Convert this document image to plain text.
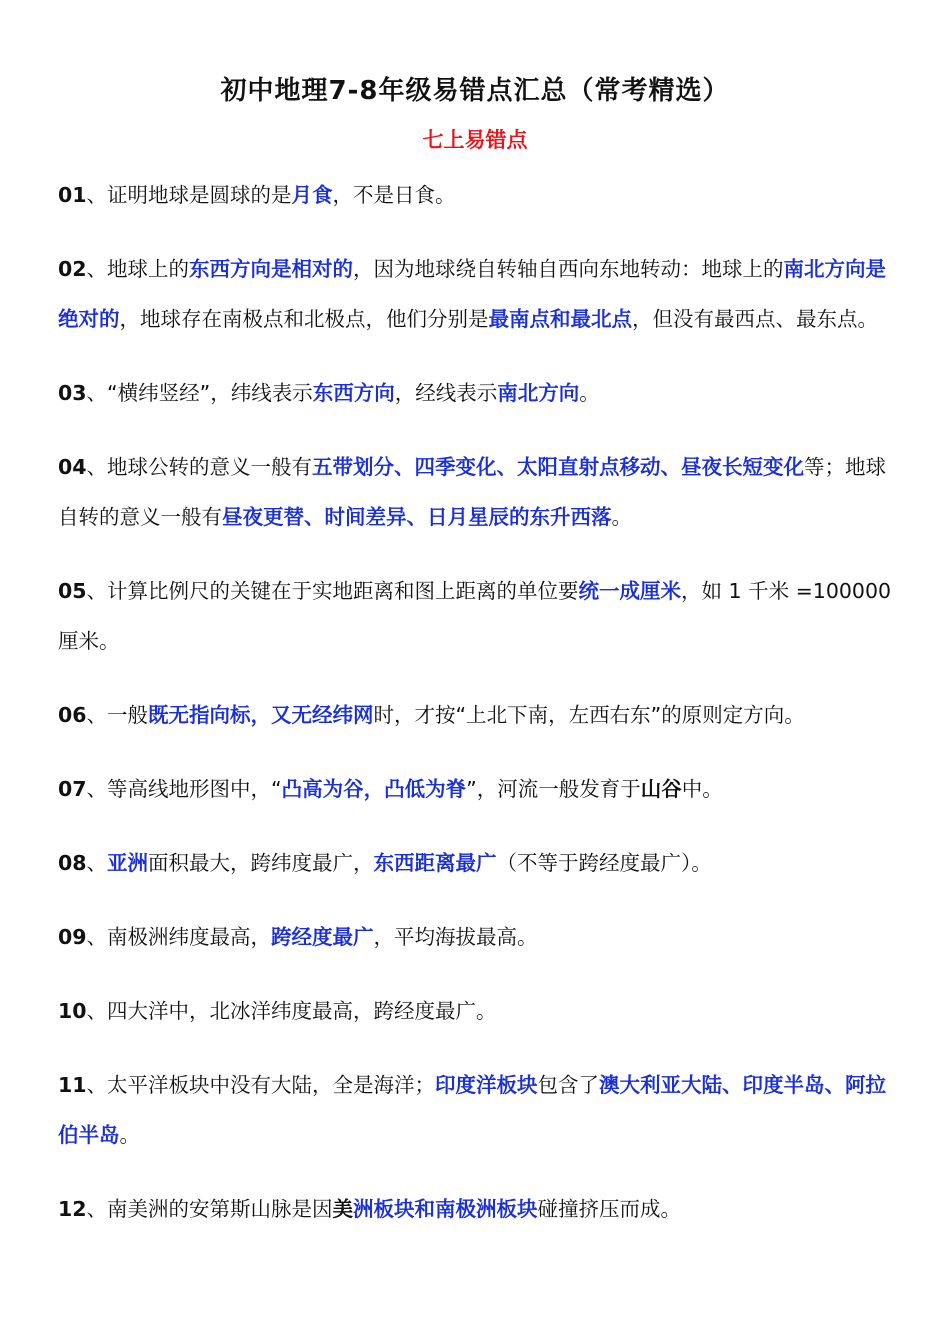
初中地理7-8年级易错点汇总（常考精选）
七上易错点
01、证明地球是圆球的是月食，不是日食。
02、地球上的东西方向是相对的，因为地球绕自转轴自西向东地转动：地球上的南北方向是绝对的，地球存在南极点和北极点，他们分别是最南点和最北点，但没有最西点、最东点。
03、“横纬竖经”，纬线表示东西方向，经线表示南北方向。
04、地球公转的意义一般有五带划分、四季变化、太阳直射点移动、昼夜长短变化等；地球自转的意义一般有昼夜更替、时间差异、日月星辰的东升西落。
05、计算比例尺的关键在于实地距离和图上距离的单位要统一成厘米，如 1 千米 =100000 厘米。
06、一般既无指向标，又无经纬网时，才按“上北下南，左西右东”的原则定方向。
07、等高线地形图中，“凸高为谷，凸低为脊”，河流一般发育于山谷中。
08、亚洲面积最大，跨纬度最广，东西距离最广（不等于跨经度最广）。
09、南极洲纬度最高，跨经度最广，平均海拔最高。
10、四大洋中，北冰洋纬度最高，跨经度最广。
11、太平洋板块中没有大陆，全是海洋；印度洋板块包含了澳大利亚大陆、印度半岛、阿拉伯半岛。
12、南美洲的安第斯山脉是因美洲板块和南极洲板块碰撞挤压而成。
